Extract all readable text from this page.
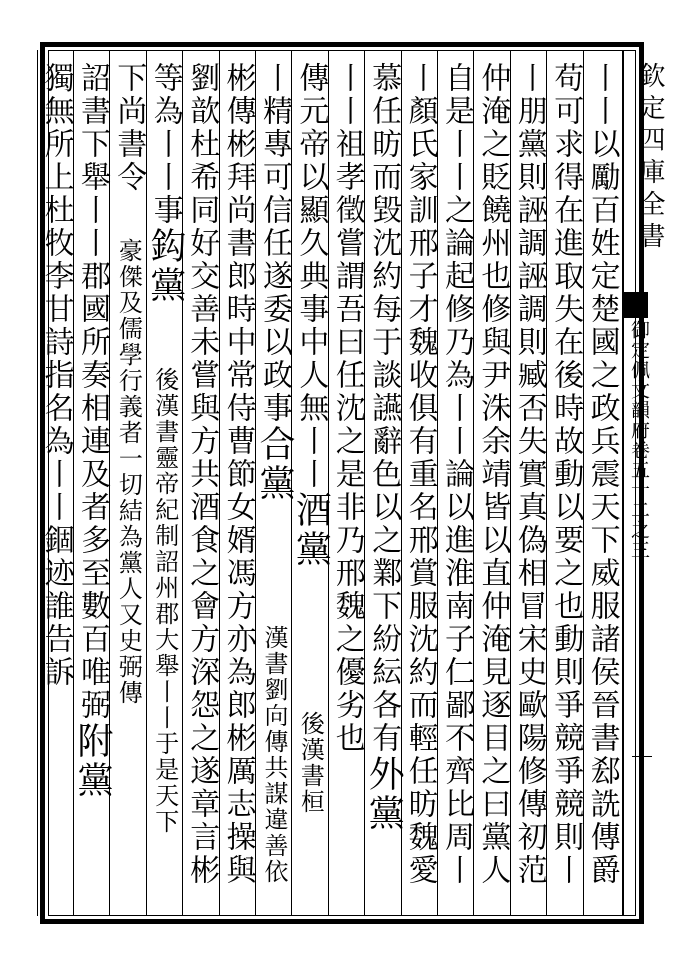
欽定四庫全書
御定佩文韻府卷五十二之三
丨丨以勵百姓定楚國之政兵震天下威服諸侯晉書郄詵傳爵
苟可求得在進取失在後時故動以要之也動則爭競爭競則丨
丨朋黨則誣調誣調則臧否失實真偽相冒宋史歐陽修傳初范
仲淹之貶饒州也修與尹洙余靖皆以直仲淹見逐目之曰黨人
自是丨丨之論起修乃為丨丨論以進淮南子仁鄙不齊比周丨
丨顏氏家訓邢子才魏收俱有重名邢賞服沈約而輕任昉魏愛
慕任昉而毀沈約每于談讌辭色以之鄴下紛紜各有外黨
丨丨祖孝徵嘗謂吾曰任沈之是非乃邢魏之優劣也
傳元帝以顯久典事中人無丨丨酒黨
後漢書桓
丨精專可信任遂委以政事合黨
漢書劉向傳共謀違善依
彬傳彬拜尚書郎時中常侍曹節女婿馮方亦為郎彬厲志操與
劉歆杜希同好交善未嘗與方共酒食之會方深怨之遂章言彬
等為丨丨事鈎黨
後漢書靈帝紀制詔州郡大舉丨丨于是天下
下尚書令
豪傑及儒學行義者一切結為黨人又史弼傳
詔書下舉丨丨郡國所奏相連及者多至數百唯弼附黨
獨無所上杜牧李甘詩指名為丨丨錮迹誰告訴
